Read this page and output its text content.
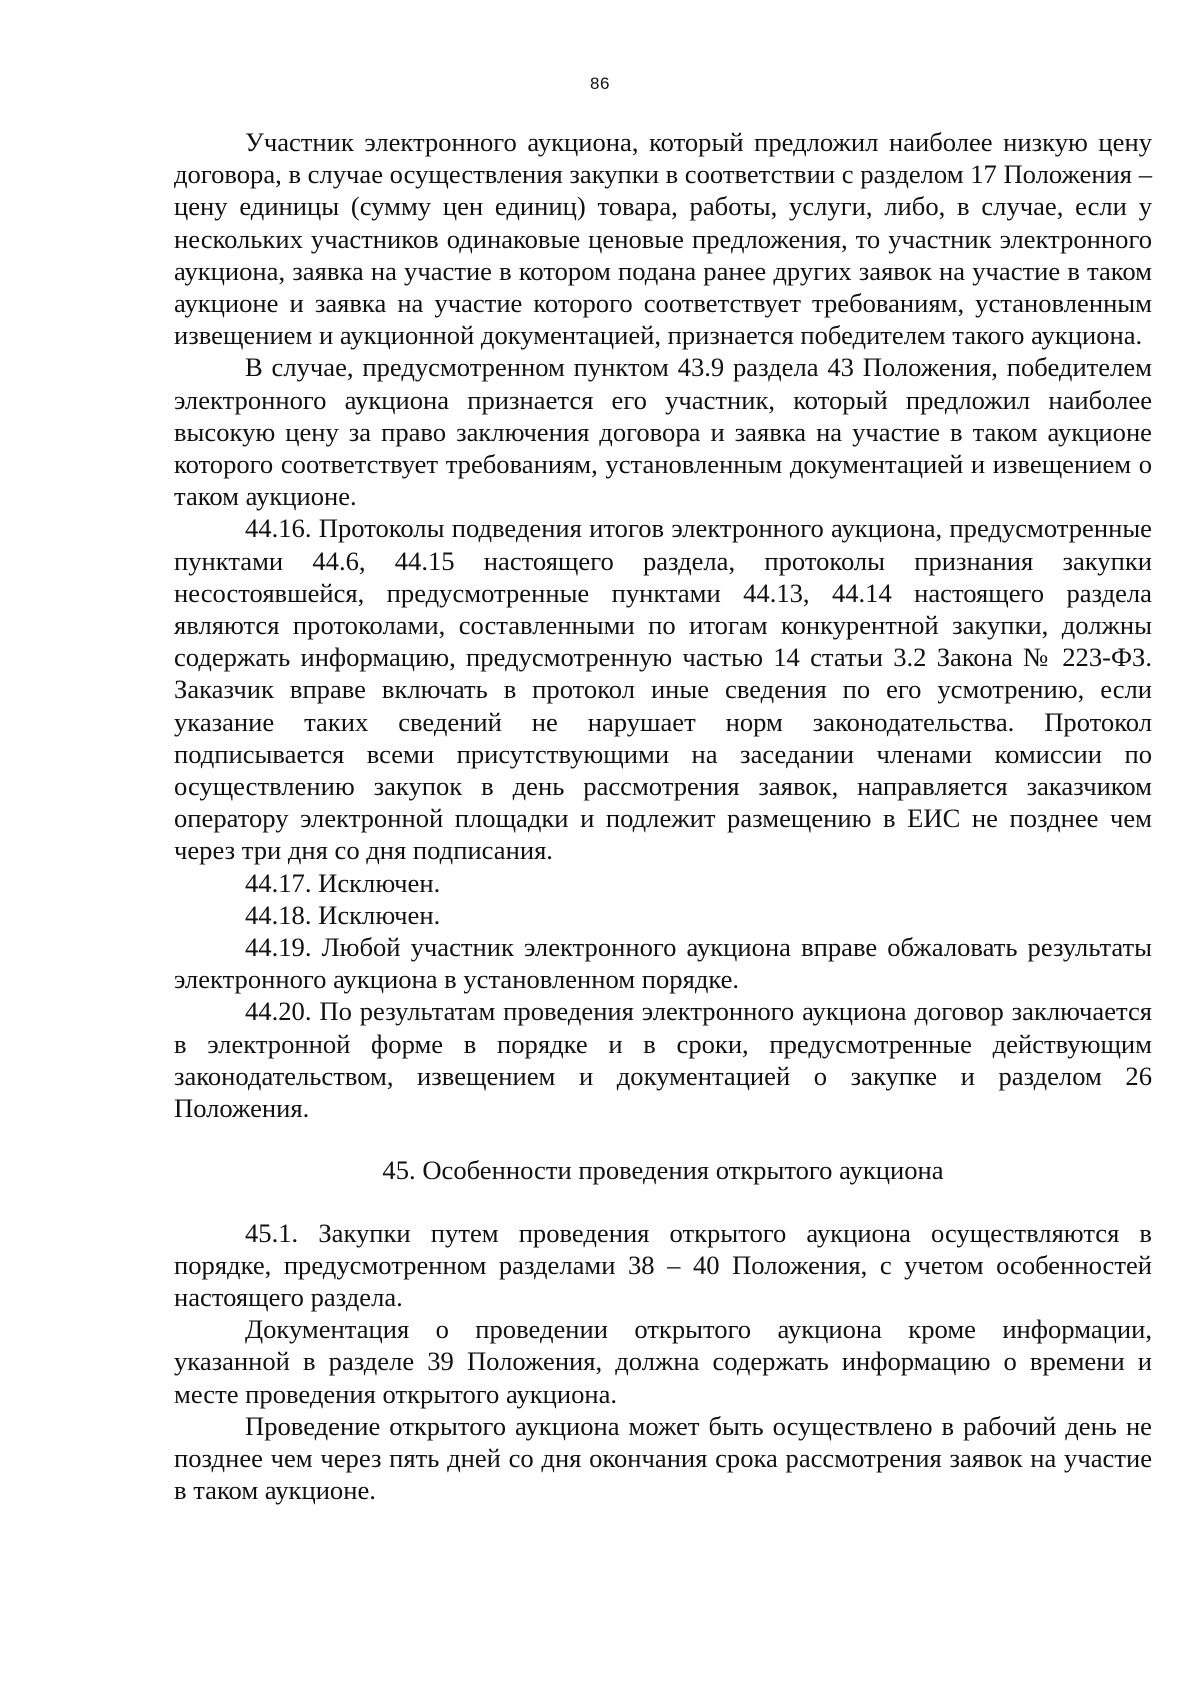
86

Участник электронного аукциона, который предложил наиболее низкую цену договора, в случае осуществления закупки в соответствии с разделом 17 Положения – цену единицы (сумму цен единиц) товара, работы, услуги, либо, в случае, если у нескольких участников одинаковые ценовые предложения, то участник электронного аукциона, заявка на участие в котором подана ранее других заявок на участие в таком аукционе и заявка на участие которого соответствует требованиям, установленным извещением и аукционной документацией, признается победителем такого аукциона.

В случае, предусмотренном пунктом 43.9 раздела 43 Положения, победителем электронного аукциона признается его участник, который предложил наиболее высокую цену за право заключения договора и заявка на участие в таком аукционе которого соответствует требованиям, установленным документацией и извещением о таком аукционе.

44.16. Протоколы подведения итогов электронного аукциона, предусмотренные пунктами 44.6, 44.15 настоящего раздела, протоколы признания закупки несостоявшейся, предусмотренные пунктами 44.13, 44.14 настоящего раздела являются протоколами, составленными по итогам конкурентной закупки, должны содержать информацию, предусмотренную частью 14 статьи 3.2 Закона № 223-ФЗ. Заказчик вправе включать в протокол иные сведения по его усмотрению, если указание таких сведений не нарушает норм законодательства. Протокол подписывается всеми присутствующими на заседании членами комиссии по осуществлению закупок в день рассмотрения заявок, направляется заказчиком оператору электронной площадки и подлежит размещению в ЕИС не позднее чем через три дня со дня подписания.

44.17. Исключен.

44.18. Исключен.

44.19. Любой участник электронного аукциона вправе обжаловать результаты электронного аукциона в установленном порядке.

44.20. По результатам проведения электронного аукциона договор заключается в электронной форме в порядке и в сроки, предусмотренные действующим законодательством, извещением и документацией о закупке и разделом 26 Положения.

45. Особенности проведения открытого аукциона

45.1. Закупки путем проведения открытого аукциона осуществляются в порядке, предусмотренном разделами 38 – 40 Положения, с учетом особенностей настоящего раздела.

Документация о проведении открытого аукциона кроме информации, указанной в разделе 39 Положения, должна содержать информацию о времени и месте проведения открытого аукциона.

Проведение открытого аукциона может быть осуществлено в рабочий день не позднее чем через пять дней со дня окончания срока рассмотрения заявок на участие в таком аукционе.
